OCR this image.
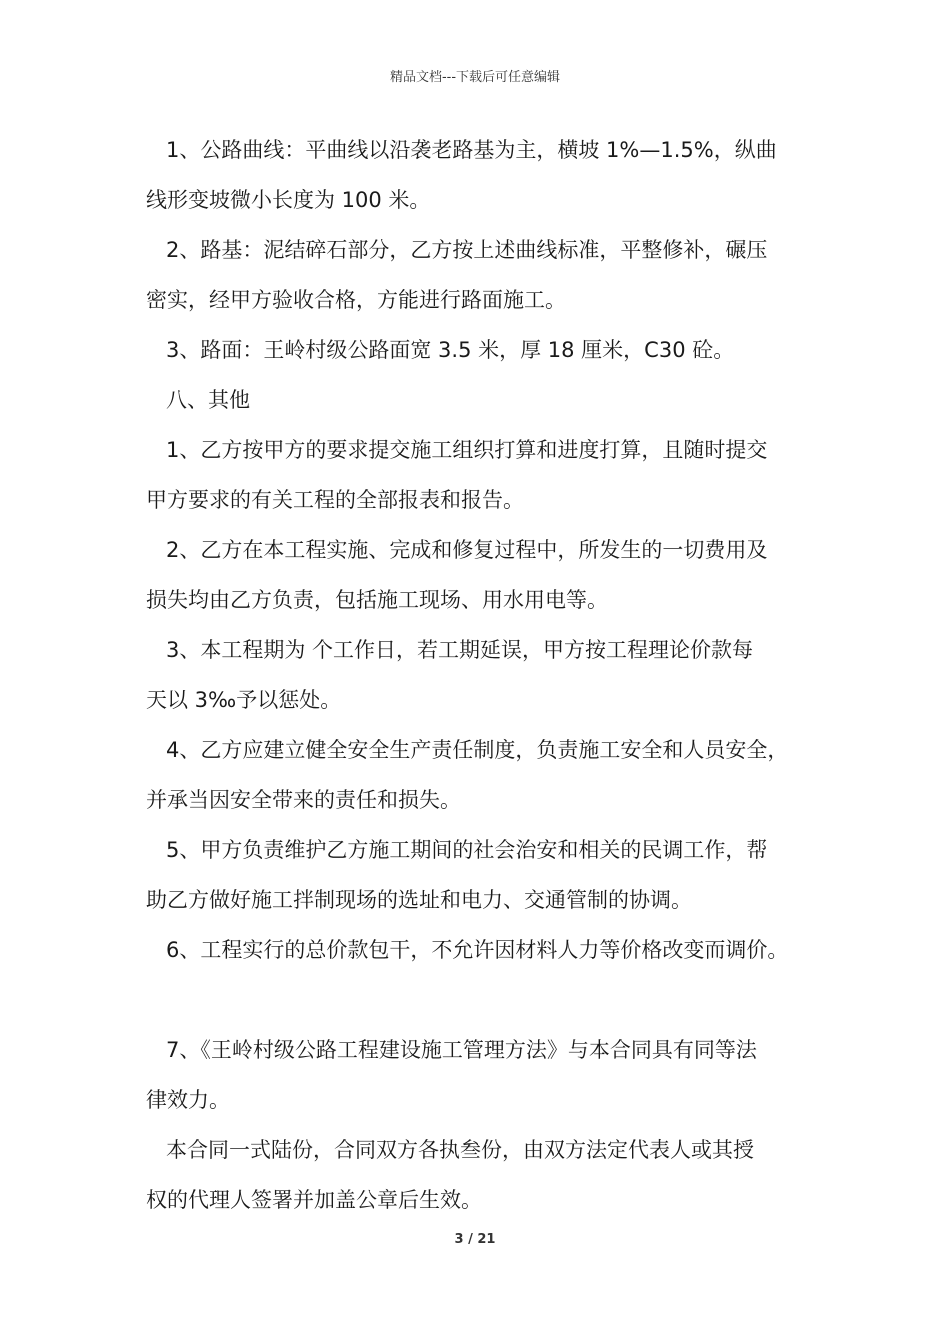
精品文档---下载后可任意编辑
1、公路曲线：平曲线以沿袭老路基为主，横坡 1%—1.5%，纵曲
线形变坡微小长度为 100 米。
2、路基：泥结碎石部分，乙方按上述曲线标准，平整修补，碾压
密实，经甲方验收合格，方能进行路面施工。
3、路面：王岭村级公路面宽 3.5 米，厚 18 厘米，C30 砼。
八、其他
1、乙方按甲方的要求提交施工组织打算和进度打算，且随时提交
甲方要求的有关工程的全部报表和报告。
2、乙方在本工程实施、完成和修复过程中，所发生的一切费用及
损失均由乙方负责，包括施工现场、用水用电等。
3、本工程期为 个工作日，若工期延误，甲方按工程理论价款每
天以 3‰予以惩处。
4、乙方应建立健全安全生产责任制度，负责施工安全和人员安全，
并承当因安全带来的责任和损失。
5、甲方负责维护乙方施工期间的社会治安和相关的民调工作，帮
助乙方做好施工拌制现场的选址和电力、交通管制的协调。
6、工程实行的总价款包干，不允许因材料人力等价格改变而调价。
7、《王岭村级公路工程建设施工管理方法》与本合同具有同等法
律效力。
本合同一式陆份，合同双方各执叁份，由双方法定代表人或其授
权的代理人签署并加盖公章后生效。
3 / 21
